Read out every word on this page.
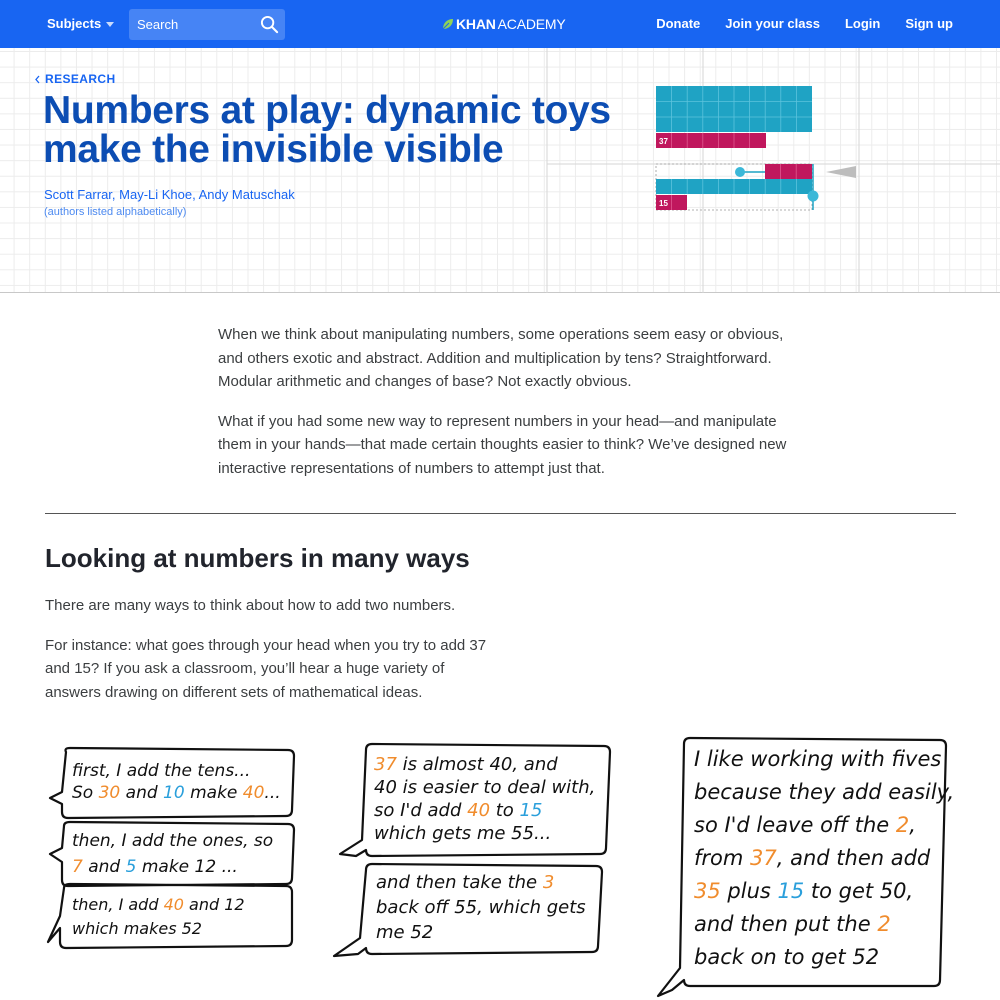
Subjects
Search	KHAN ACADEMY	Donate Join your class Login Sign up
RESEARCH
Numbers at play: dynamic toys make the invisible visible
Scott Farrar, May-Li Khoe, Andy Matuschak
(authors listed alphabetically)
37
15

When we think about manipulating numbers, some operations seem easy or obvious, and others exotic and abstract. Addition and multiplication by tens? Straightforward. Modular arithmetic and changes of base? Not exactly obvious.

What if you had some new way to represent numbers in your head—and manipulate them in your hands—that made certain thoughts easier to think? We’ve designed new interactive representations of numbers to attempt just that.

Looking at numbers in many ways

There are many ways to think about how to add two numbers.

For instance: what goes through your head when you try to add 37 and 15? If you ask a classroom, you’ll hear a huge variety of answers drawing on different sets of mathematical ideas.

first, I add the tens...
So 30 and 10 make 40...
then, I add the ones, so
7 and 5 make 12 ...
then, I add 40 and 12
which makes 52
37 is almost 40, and
40 is easier to deal with,
so I'd add 40 to 15
which gets me 55...
and then take the 3
back off 55, which gets
me 52
I like working with fives
because they add easily,
so I'd leave off the 2,
from 37, and then add
35 plus 15 to get 50,
and then put the 2
back on to get 52
